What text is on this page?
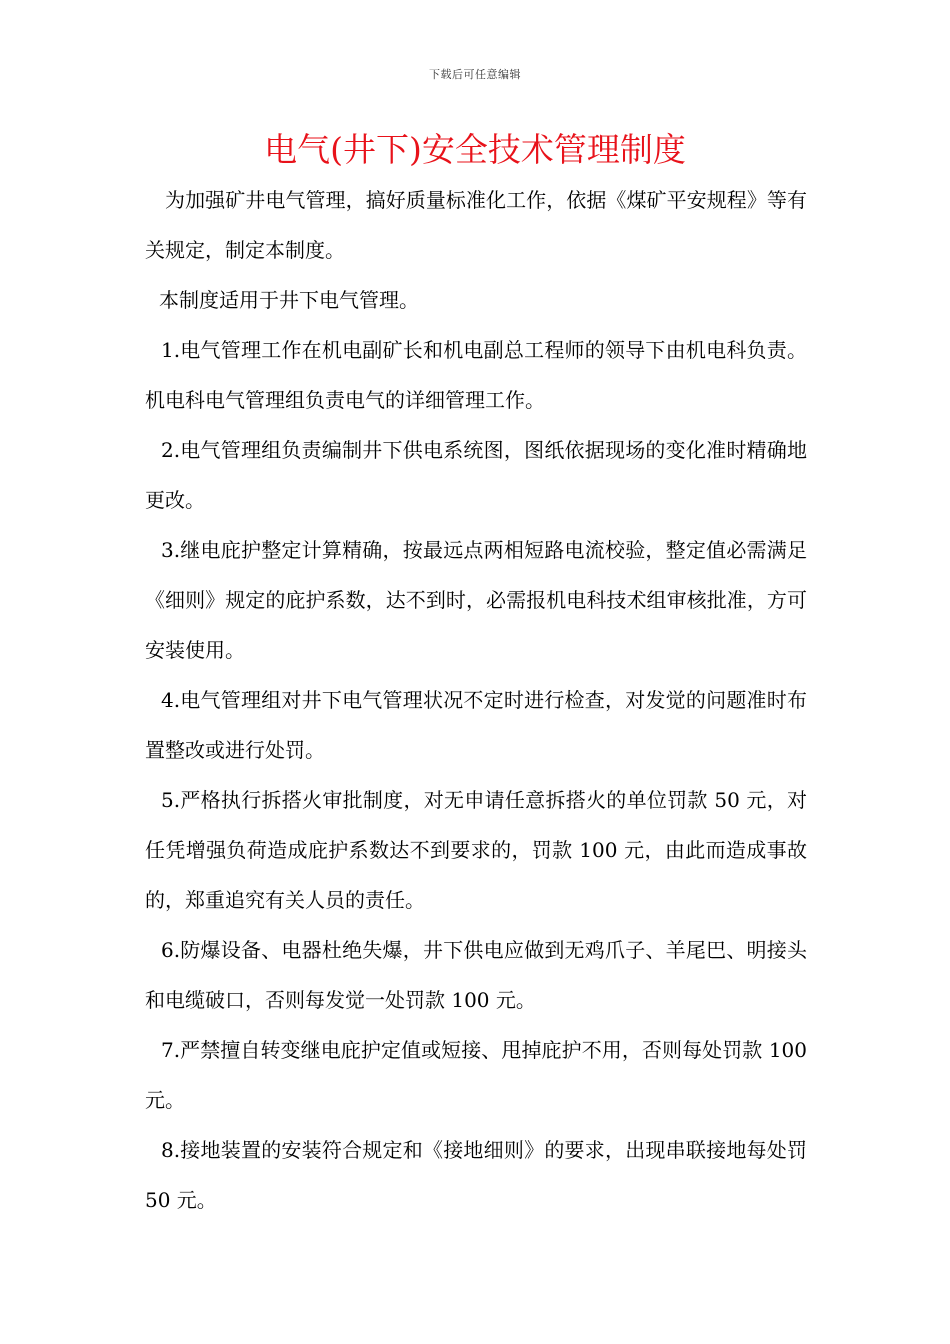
下载后可任意编辑
电气(井下)安全技术管理制度

为加强矿井电气管理，搞好质量标准化工作，依据《煤矿平安规程》等有关规定，制定本制度。

本制度适用于井下电气管理。

1.电气管理工作在机电副矿长和机电副总工程师的领导下由机电科负责。机电科电气管理组负责电气的详细管理工作。

2.电气管理组负责编制井下供电系统图，图纸依据现场的变化准时精确地更改。

3.继电庇护整定计算精确，按最远点两相短路电流校验，整定值必需满足《细则》规定的庇护系数，达不到时，必需报机电科技术组审核批准，方可安装使用。

4.电气管理组对井下电气管理状况不定时进行检查，对发觉的问题准时布置整改或进行处罚。

5.严格执行拆搭火审批制度，对无申请任意拆搭火的单位罚款 50 元，对任凭增强负荷造成庇护系数达不到要求的，罚款 100 元，由此而造成事故的，郑重追究有关人员的责任。

6.防爆设备、电器杜绝失爆，井下供电应做到无鸡爪子、羊尾巴、明接头和电缆破口，否则每发觉一处罚款 100 元。

7.严禁擅自转变继电庇护定值或短接、甩掉庇护不用，否则每处罚款 100 元。

8.接地装置的安装符合规定和《接地细则》的要求，出现串联接地每处罚 50 元。
